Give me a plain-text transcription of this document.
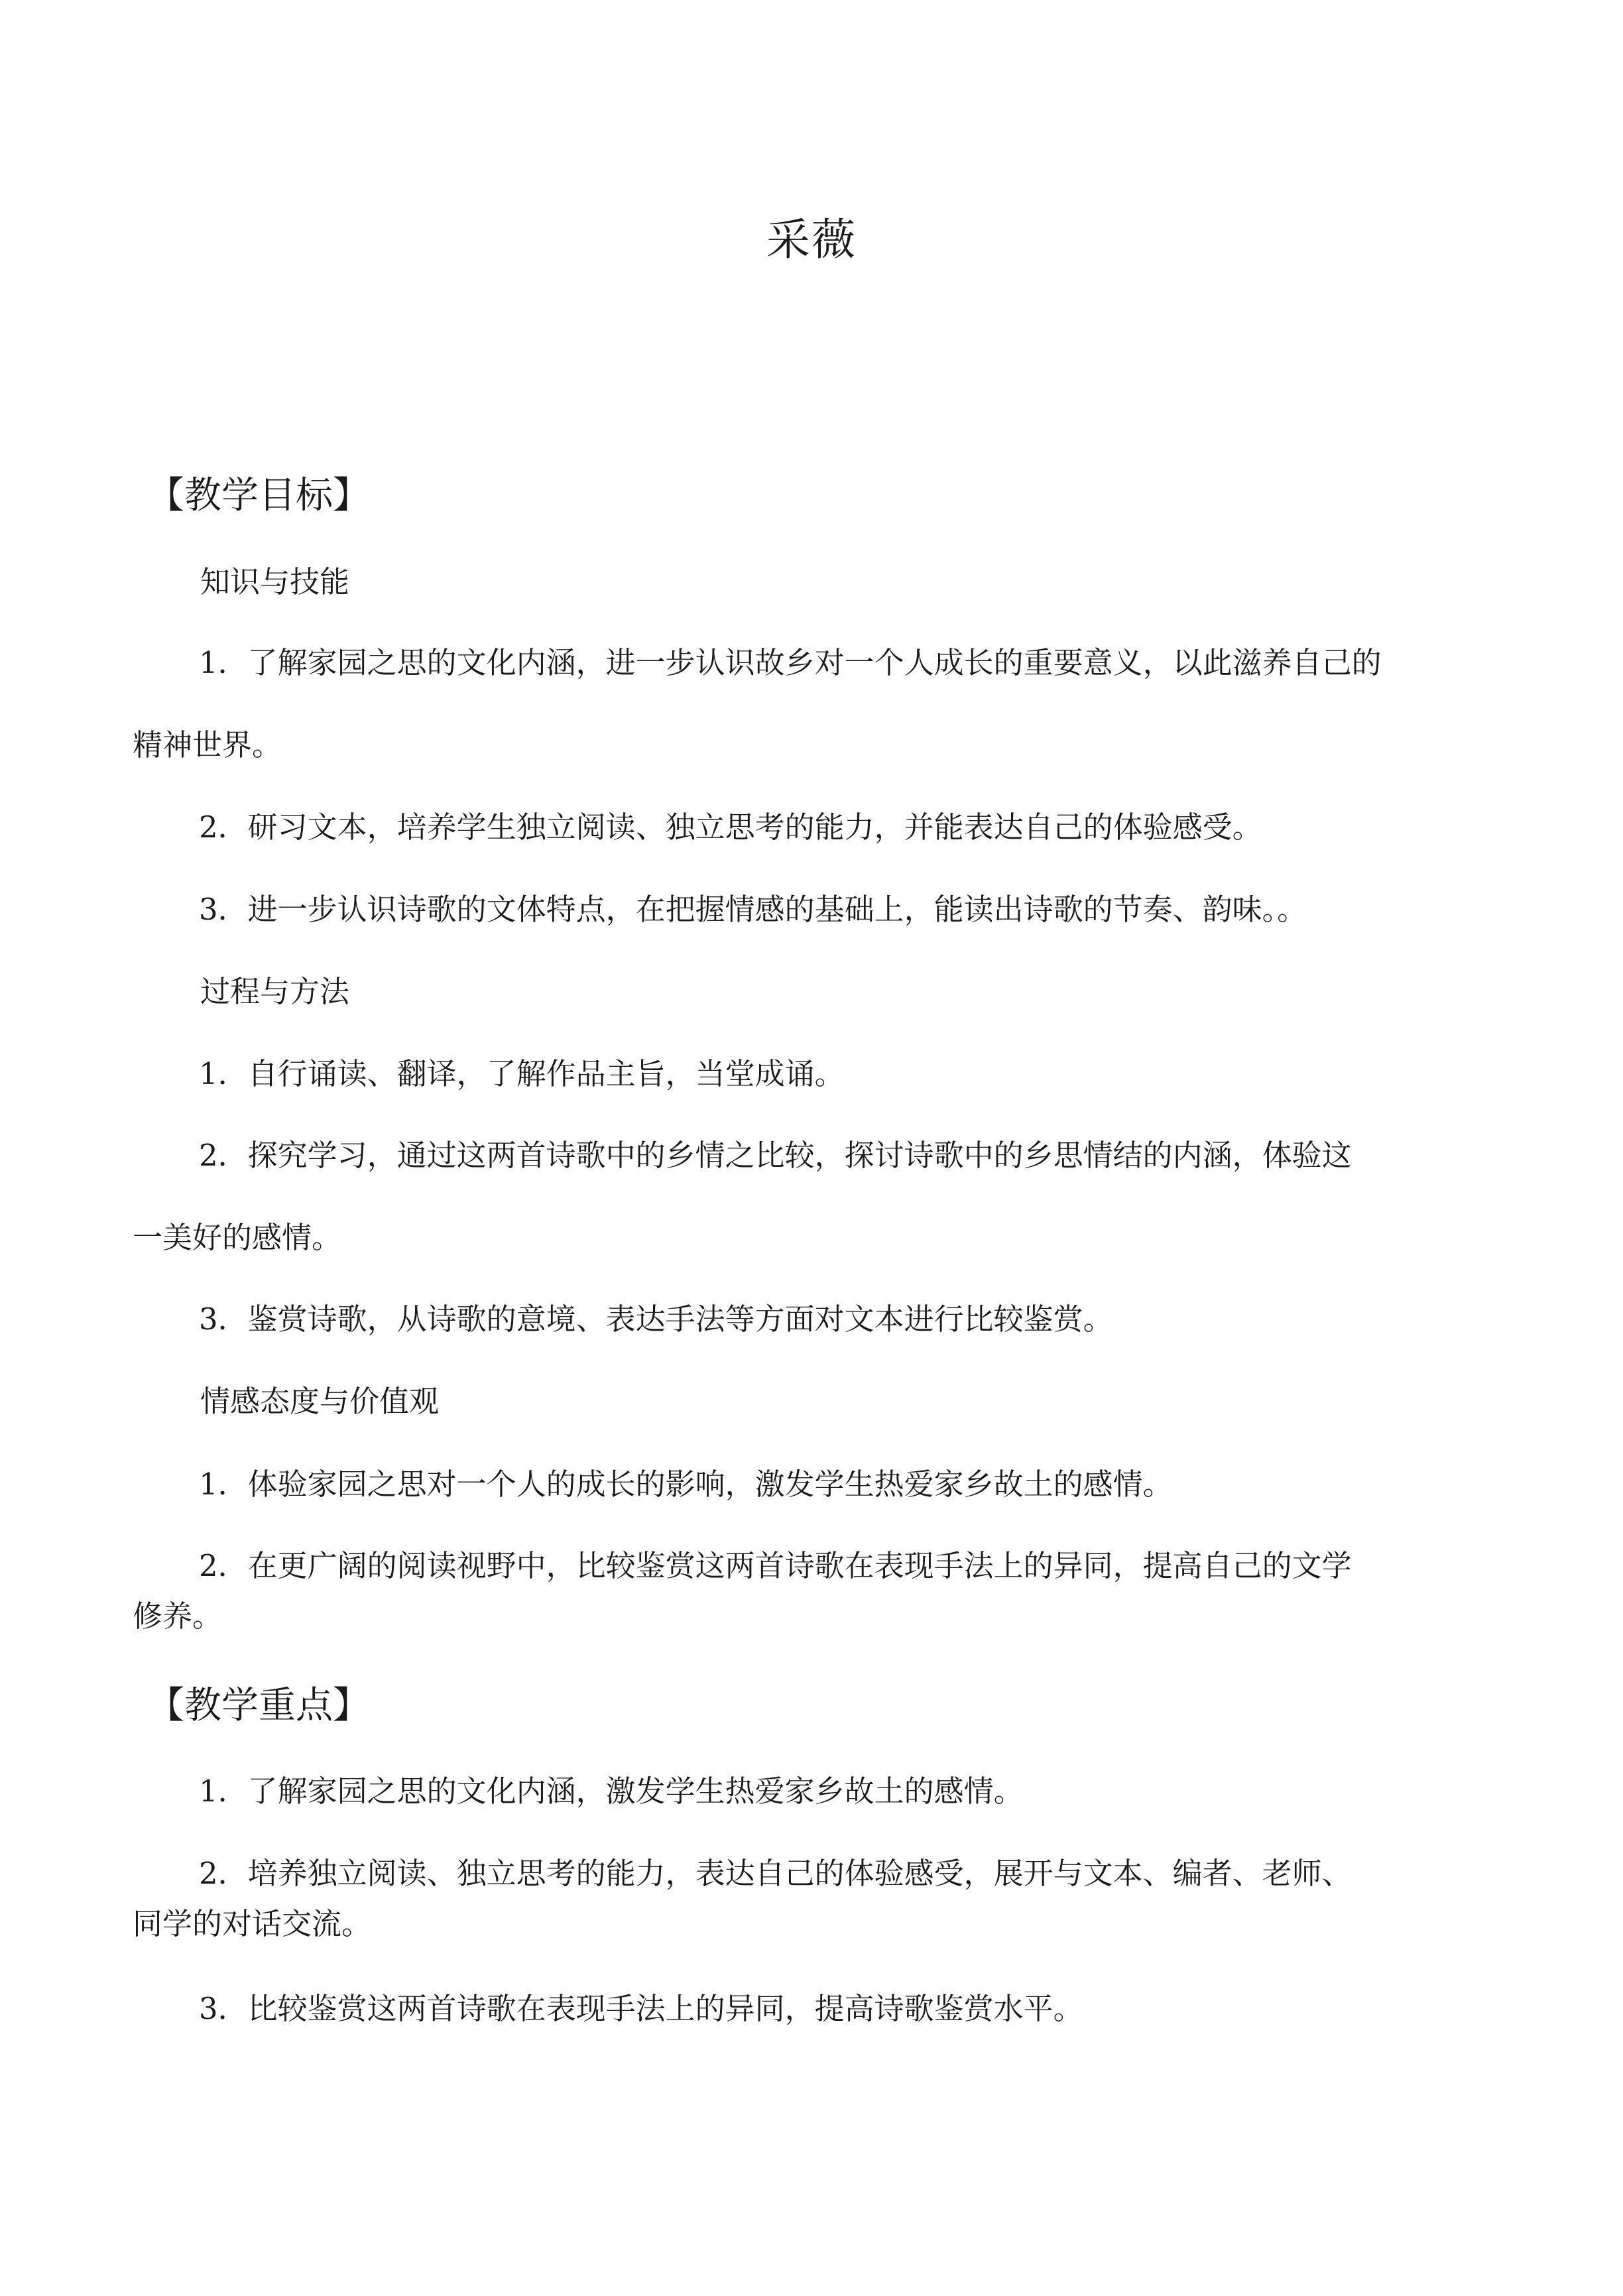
采薇
【教学目标】
知识与技能
1．了解家园之思的文化内涵，进一步认识故乡对一个人成长的重要意义，以此滋养自己的
精神世界。

2．研习文本，培养学生独立阅读、独立思考的能力，并能表达自己的体验感受。

3．进一步认识诗歌的文体特点，在把握情感的基础上，能读出诗歌的节奏、韵味。。

过程与方法

1．自行诵读、翻译，了解作品主旨，当堂成诵。

2．探究学习，通过这两首诗歌中的乡情之比较，探讨诗歌中的乡思情结的内涵，体验这
一美好的感情。

3．鉴赏诗歌，从诗歌的意境、表达手法等方面对文本进行比较鉴赏。

情感态度与价值观

1．体验家园之思对一个人的成长的影响，激发学生热爱家乡故土的感情。

2．在更广阔的阅读视野中，比较鉴赏这两首诗歌在表现手法上的异同，提高自己的文学
修养。
【教学重点】

1．了解家园之思的文化内涵，激发学生热爱家乡故土的感情。

2．培养独立阅读、独立思考的能力，表达自己的体验感受，展开与文本、编者、老师、
同学的对话交流。

3．比较鉴赏这两首诗歌在表现手法上的异同，提高诗歌鉴赏水平。
